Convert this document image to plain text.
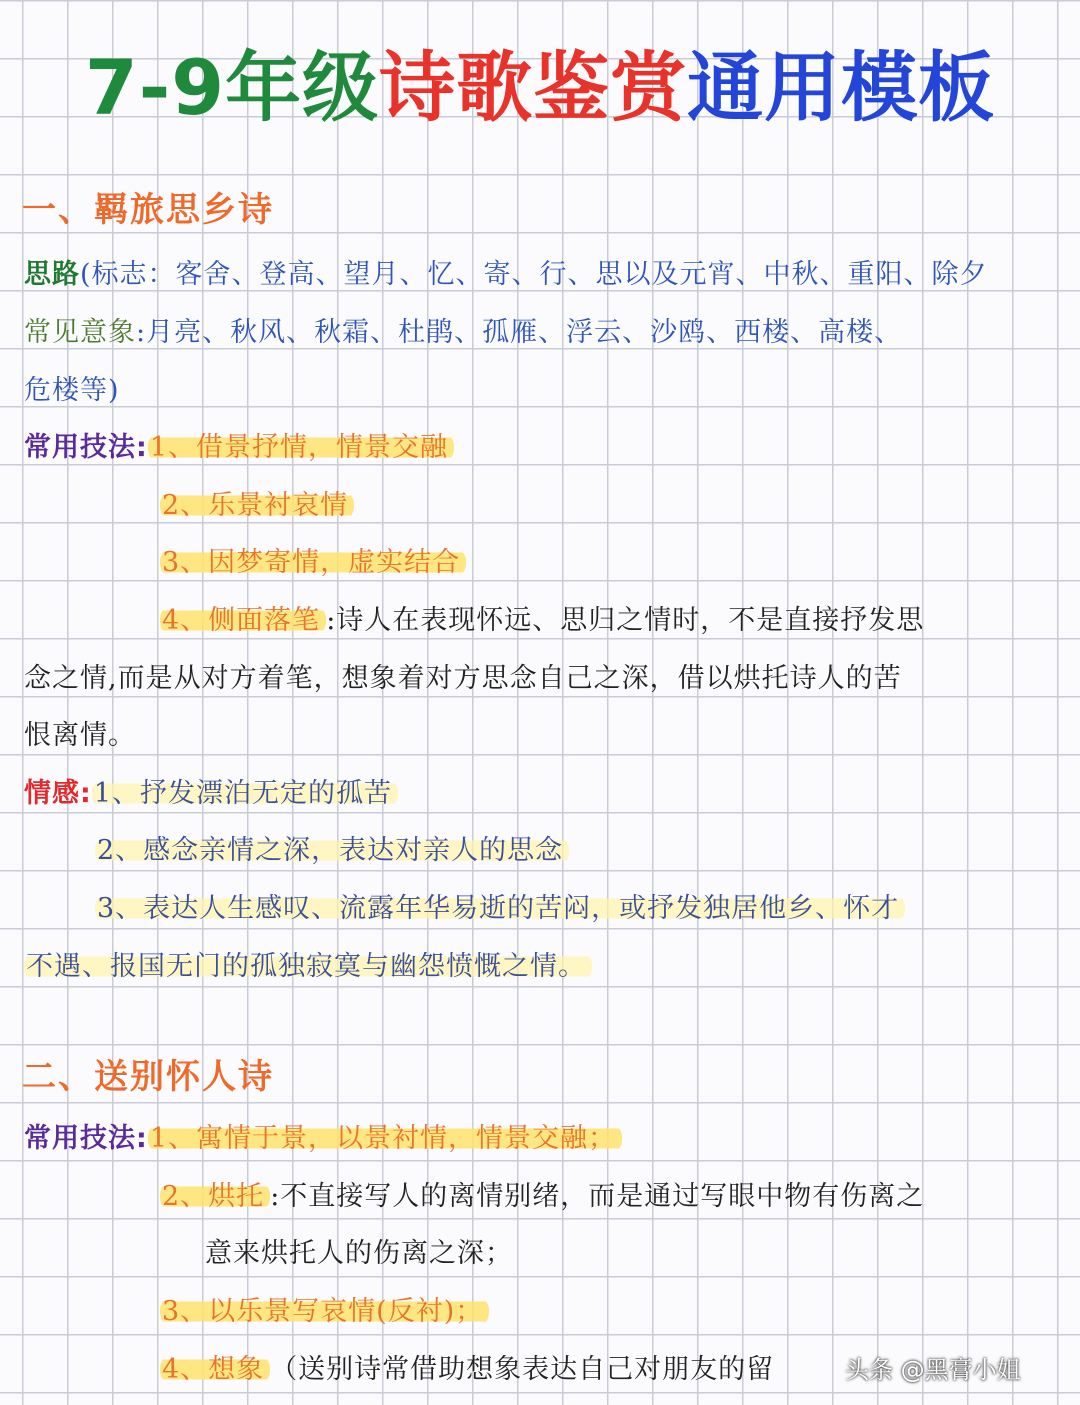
7-9年级诗歌鉴赏通用模板
一、羁旅思乡诗
思路(标志：客舍、登高、望月、忆、寄、行、思以及元宵、中秋、重阳、除夕
常见意象:月亮、秋风、秋霜、杜鹃、孤雁、浮云、沙鸥、西楼、高楼、
危楼等)
常用技法:1、借景抒情，情景交融
2、乐景衬哀情
3、因梦寄情，虚实结合
4、侧面落笔 :诗人在表现怀远、思归之情时，不是直接抒发思
念之情,而是从对方着笔，想象着对方思念自己之深，借以烘托诗人的苦
恨离情。
情感:1、抒发漂泊无定的孤苦
2、感念亲情之深，表达对亲人的思念
3、表达人生感叹、流露年华易逝的苦闷，或抒发独居他乡、怀才
不遇、报国无门的孤独寂寞与幽怨愤慨之情。
二、送别怀人诗
常用技法:1、寓情于景，以景衬情，情景交融；
2、烘托 :不直接写人的离情别绪，而是通过写眼中物有伤离之
意来烘托人的伤离之深；
3、以乐景写哀情(反衬)；
4、想象 （送别诗常借助想象表达自己对朋友的留	头条 @黑膏小姐
